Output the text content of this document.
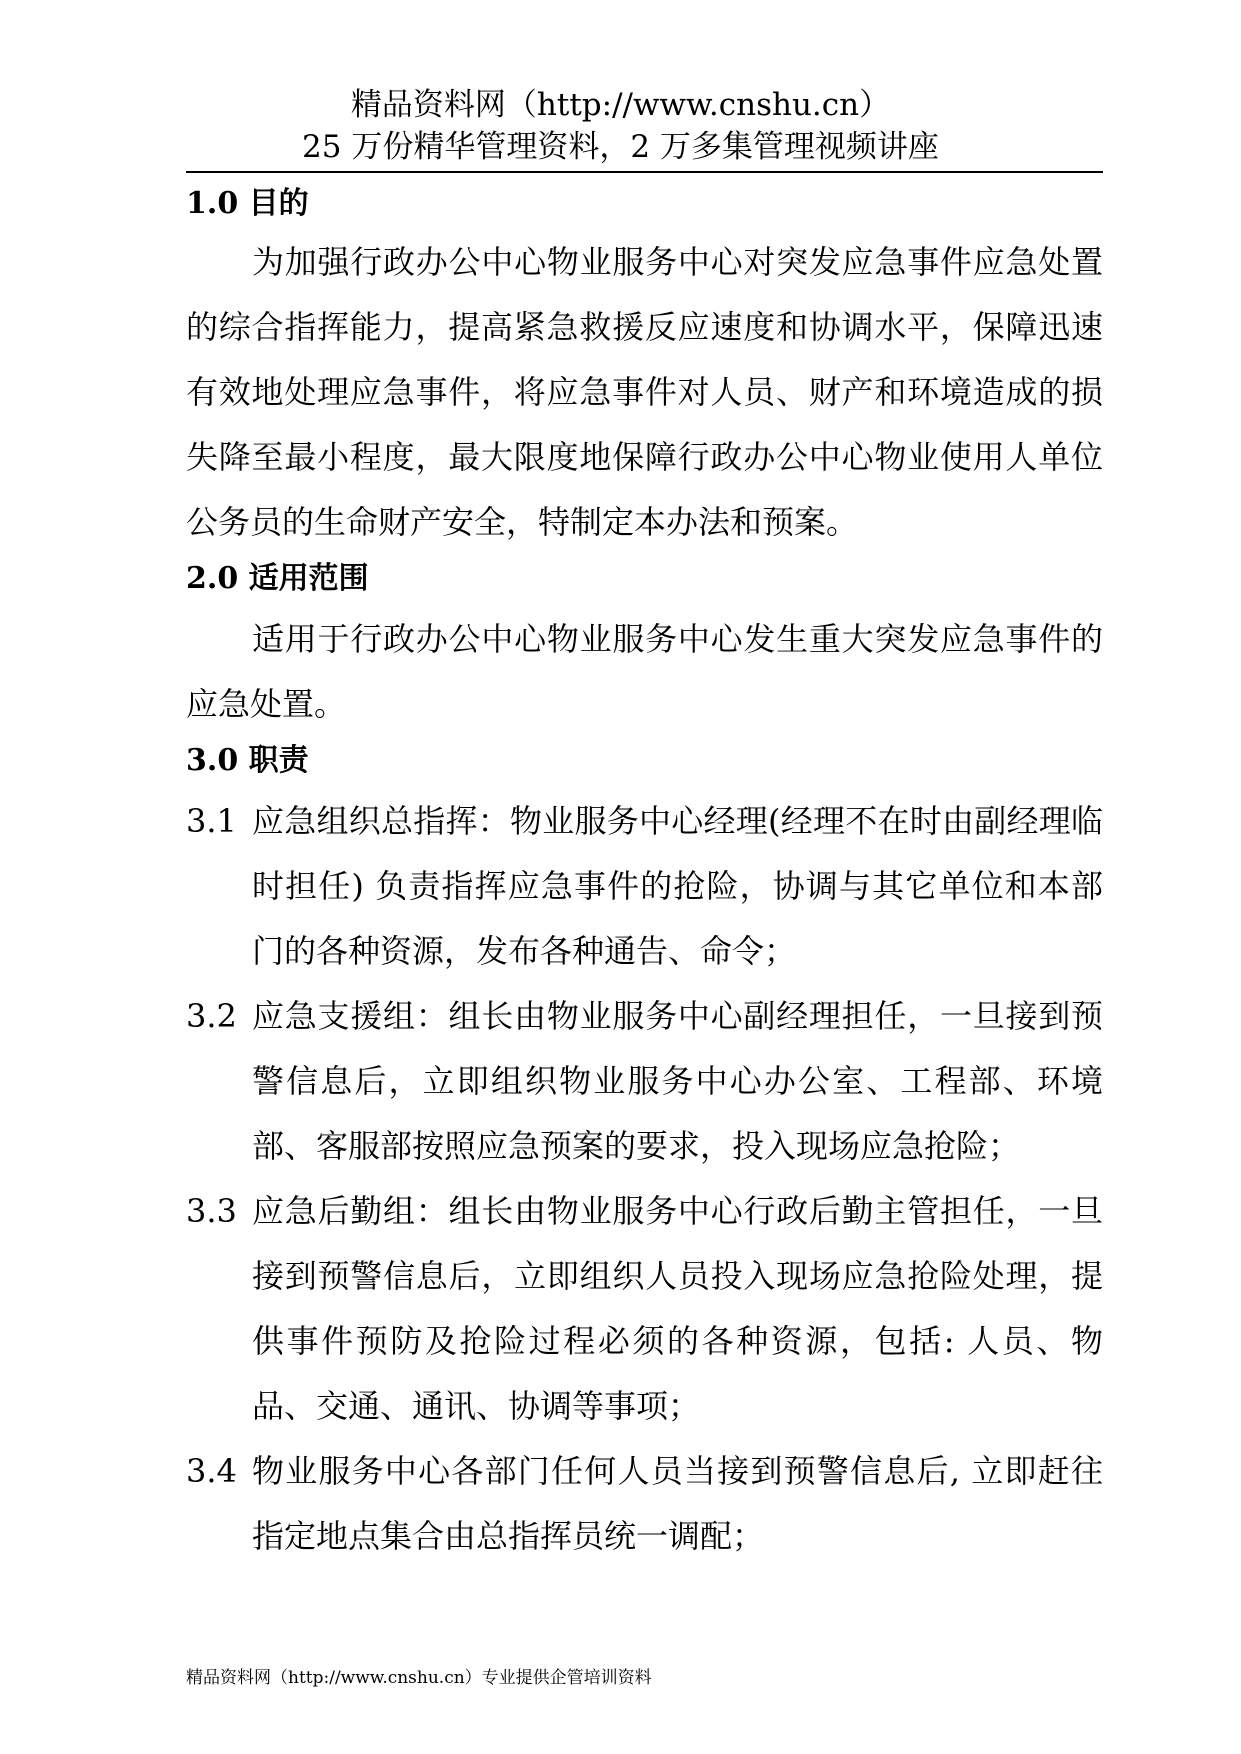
精品资料网（http://www.cnshu.cn）
25 万份精华管理资料，2 万多集管理视频讲座
1.0 目的

为加强行政办公中心物业服务中心对突发应急事件应急处置的综合指挥能力，提高紧急救援反应速度和协调水平，保障迅速有效地处理应急事件，将应急事件对人员、财产和环境造成的损失降至最小程度，最大限度地保障行政办公中心物业使用人单位公务员的生命财产安全，特制定本办法和预案。

2.0 适用范围

适用于行政办公中心物业服务中心发生重大突发应急事件的应急处置。

3.0 职责
3.1 应急组织总指挥：物业服务中心经理(经理不在时由副经理临时担任) 负责指挥应急事件的抢险，协调与其它单位和本部门的各种资源，发布各种通告、命令；
3.2 应急支援组：组长由物业服务中心副经理担任，一旦接到预警信息后，立即组织物业服务中心办公室、工程部、环境部、客服部按照应急预案的要求，投入现场应急抢险；
3.3 应急后勤组：组长由物业服务中心行政后勤主管担任，一旦接到预警信息后，立即组织人员投入现场应急抢险处理，提供事件预防及抢险过程必须的各种资源，包括: 人员、物品、交通、通讯、协调等事项；
3.4 物业服务中心各部门任何人员当接到预警信息后, 立即赶往指定地点集合由总指挥员统一调配；
精品资料网（http://www.cnshu.cn）专业提供企管培训资料
